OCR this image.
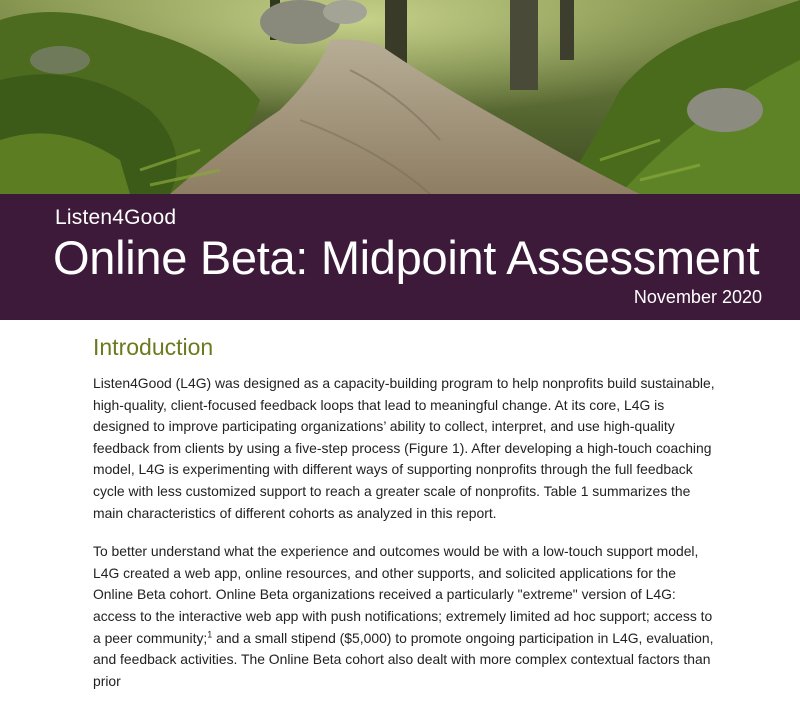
Listen4Good
Online Beta: Midpoint Assessment
November 2020
Introduction

Listen4Good (L4G) was designed as a capacity-building program to help nonprofits build sustainable, high-quality, client-focused feedback loops that lead to meaningful change. At its core, L4G is designed to improve participating organizations’ ability to collect, interpret, and use high-quality feedback from clients by using a five-step process (Figure 1). After developing a high-touch coaching model, L4G is experimenting with different ways of supporting nonprofits through the full feedback cycle with less customized support to reach a greater scale of nonprofits. Table 1 summarizes the main characteristics of different cohorts as analyzed in this report.

To better understand what the experience and outcomes would be with a low-touch support model, L4G created a web app, online resources, and other supports, and solicited applications for the Online Beta cohort. Online Beta organizations received a particularly "extreme" version of L4G: access to the interactive web app with push notifications; extremely limited ad hoc support; access to a peer community;$^1$ and a small stipend ($5,000) to promote ongoing participation in L4G, evaluation, and feedback activities. The Online Beta cohort also dealt with more complex contextual factors than prior
